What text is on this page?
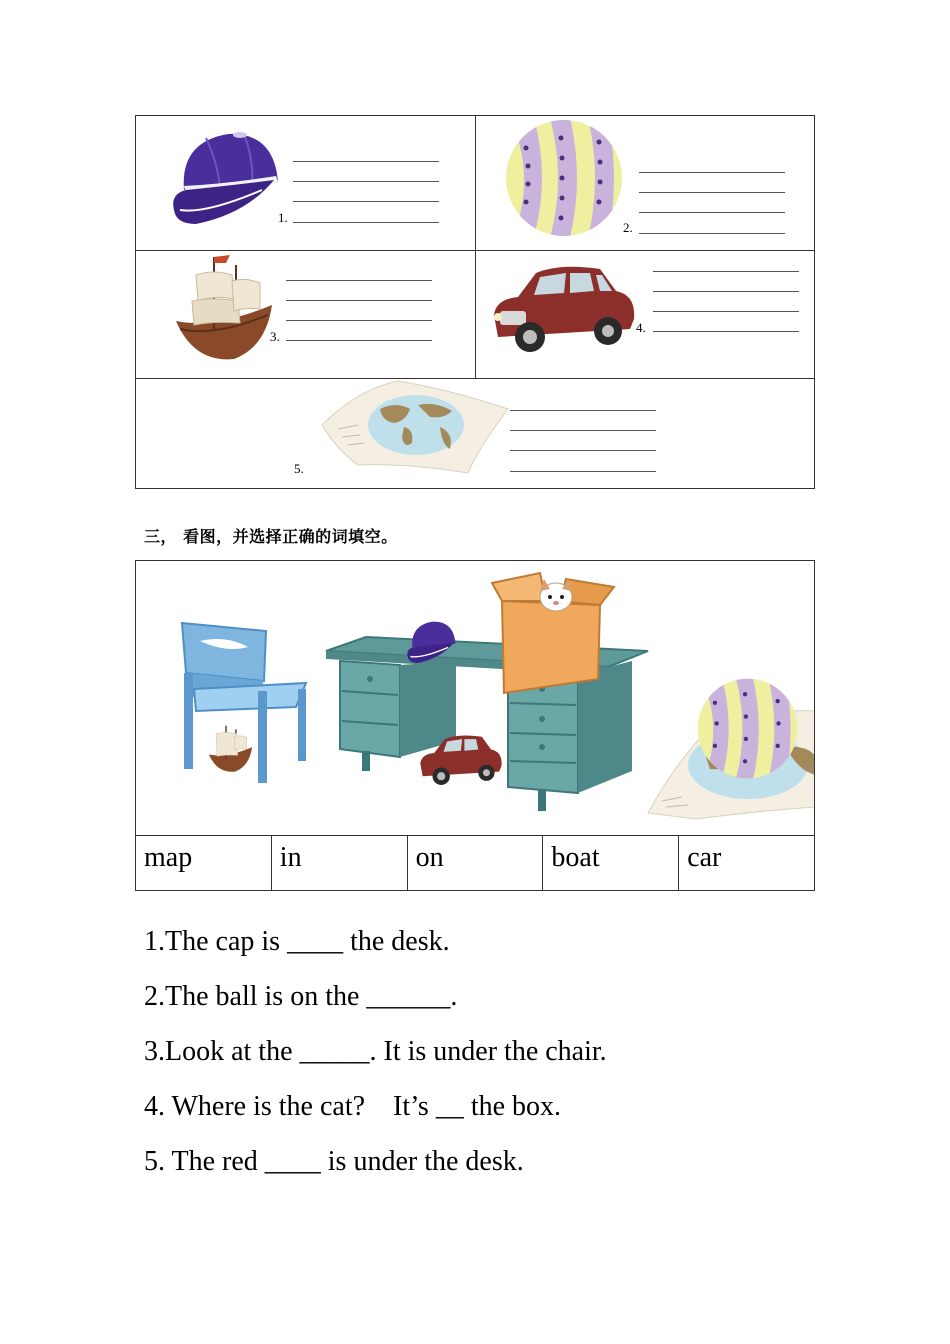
1.
2.
3.
4.
5.
三， 看图，并选择正确的词填空。
map	in	on	boat	car
1.The cap is ____ the desk.
2.The ball is on the ______.
3.Look at the _____. It is under the chair.
4. Where is the cat?    It’s __ the box.
5. The red ____ is under the desk.
